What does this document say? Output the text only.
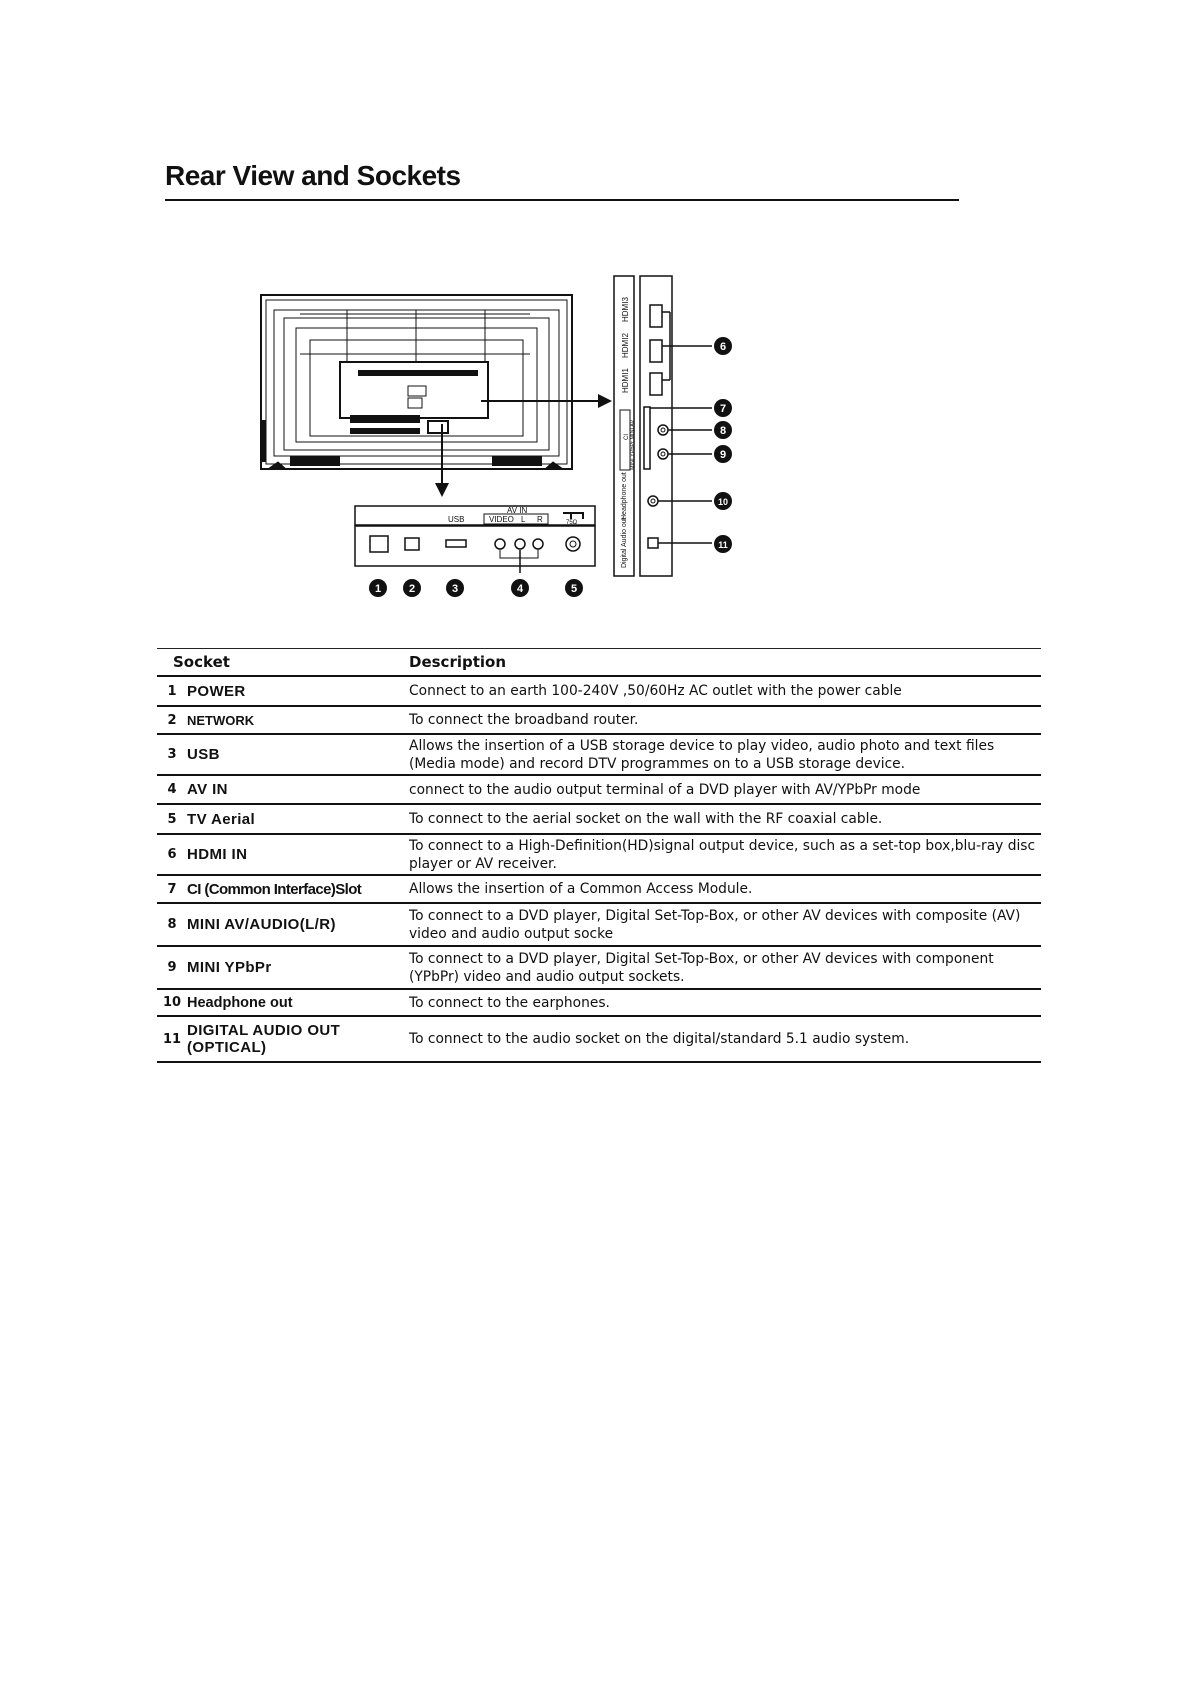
Rear View and Sockets
HDMI3
HDMI2
HDMI1
CI MINI YPbPr MINI AV
Headphone out
Digital Audio out
USB
AV IN
VIDEO L R	75Ω
1	2	3	4	5
6
7
8
9
10
11
Socket		Description
1	POWER	Connect to an earth 100-240V ,50/60Hz AC outlet with the power cable
2	NETWORK	To connect the broadband router.
3	USB	Allows the insertion of a USB storage device to play video, audio photo and text files (Media mode) and record DTV programmes on to a USB storage device.
4	AV IN	connect to the audio output terminal of a DVD player with AV/YPbPr mode
5	TV Aerial	To connect to the aerial socket on the wall with the RF coaxial cable.
6	HDMI IN	To connect to a High-Definition(HD)signal output device, such as a set-top box,blu-ray disc player or AV receiver.
7	CI (Common Interface)Slot	Allows the insertion of a Common Access Module.
8	MINI AV/AUDIO(L/R)	To connect to a DVD player, Digital Set-Top-Box, or other AV devices with composite (AV) video and audio output socke
9	MINI YPbPr	To connect to a DVD player, Digital Set-Top-Box, or other AV devices with component (YPbPr) video and audio output sockets.
10	Headphone out	To connect to the earphones.
11	DIGITAL AUDIO OUT (OPTICAL)	To connect to the audio socket on the digital/standard 5.1 audio system.
